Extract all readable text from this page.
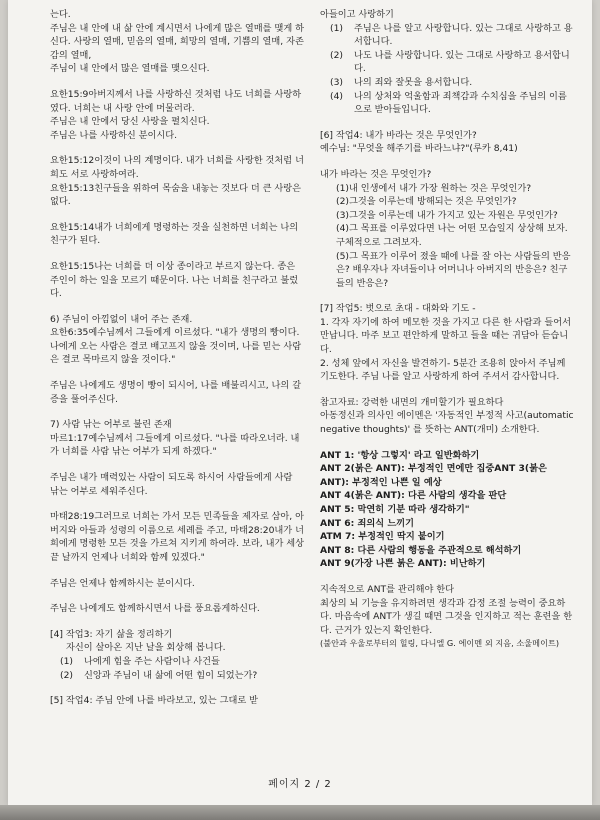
는다.

주님은 내 안에 내 삶 안에 계시면서 나에게 많은 열매를 맺게 하신다. 사랑의 열매, 믿음의 열매, 희망의 열매, 기쁨의 열매, 자존감의 열매,

주님이 내 안에서 많은 열매를 맺으신다.

요한15:9아버지께서 나를 사랑하신 것처럼 나도 너희를 사랑하였다. 너희는 내 사랑 안에 머물러라.

주님은 내 안에서 당신 사랑을 펼치신다.

주님은 나를 사랑하신 분이시다.

요한15:12이것이 나의 계명이다. 내가 너희를 사랑한 것처럼 너희도 서로 사랑하여라.

요한15:13친구들을 위하여 목숨을 내놓는 것보다 더 큰 사랑은 없다.

요한15:14내가 너희에게 명령하는 것을 실천하면 너희는 나의 친구가 된다.

요한15:15나는 너희를 더 이상 종이라고 부르지 않는다. 종은 주인이 하는 일을 모르기 때문이다. 나는 너희를 친구라고 불렀다.

6) 주님이 아낌없이 내어 주는 존재.

요한6:35예수님께서 그들에게 이르셨다. "내가 생명의 빵이다. 나에게 오는 사람은 결코 배고프지 않을 것이며, 나를 믿는 사람은 결코 목마르지 않을 것이다."

주님은 나에게도 생명이 빵이 되시어, 나를 배불리시고, 나의 갈증을 풀어주신다.

7) 사람 낚는 어부로 불린 존재

마르1:17예수님께서 그들에게 이르셨다. "나를 따라오너라. 내가 너희를 사람 낚는 어부가 되게 하겠다."

주님은 내가 매력있는 사람이 되도록 하시어 사람들에게 사람 낚는 어부로 세워주신다.

마태28:19그러므로 너희는 가서 모든 민족들을 제자로 삼아, 아버지와 아들과 성령의 이름으로 세례를 주고, 마태28:20내가 너희에게 명령한 모든 것을 가르쳐 지키게 하여라. 보라, 내가 세상 끝 날까지 언제나 너희와 함께 있겠다."

주님은 언제나 함께하시는 분이시다.

주님은 나에게도 함께하시면서 나를 풍요롭게하신다.

[4] 작업3: 자기 삶을 정리하기

자신이 살아온 지난 날을 회상해 봅니다.

(1)	나에게 힘을 주는 사람이나 사건들
(2)	신앙과 주님이 내 삶에 어떤 힘이 되었는가?

[5] 작업4: 주님 안에 나를 바라보고, 있는 그대로 받

아들이고 사랑하기

(1)	주님은 나를 알고 사랑합니다. 있는 그대로 사랑하고 용서합니다.
(2)	나도 나를 사랑합니다. 있는 그대로 사랑하고 용서합니다.
(3)	나의 죄와 잘못을 용서합니다.
(4)	나의 상처와 억울함과 죄책감과 수치심을 주님의 이름으로 받아들입니다.

[6] 작업4: 내가 바라는 것은 무엇인가?

예수님: "무엇을 해주기를 바라느냐?"(루카 8,41)

내가 바라는 것은 무엇인가?

(1)내 인생에서 내가 가장 원하는 것은 무엇인가?

(2)그것을 이루는데 방해되는 것은 무엇인가?

(3)그것을 이루는데 내가 가지고 있는 자원은 무엇인가?

(4)그 목표를 이루었다면 나는 어떤 모습일지 상상해 보자. 구체적으로 그려보자.

(5)그 목표가 이루어 졌을 때에 나를 잘 아는 사람들의 반응은? 배우자나 자녀들이나 어머니나 아버지의 반응은? 친구들의 반응은?

[7] 작업5: 벗으로 초대 - 대화와 기도 -

1. 각자 자기에 하여 메모한 것을 가지고 다른 한 사람과 들어서 만납니다. 마주 보고 편안하게 말하고 들을 때는 귀담아 듣습니다.

2. 성체 앞에서 자신을 발견하기- 5분간 조용히 앉아서 주님께 기도한다. 주님 나를 알고 사랑하게 하여 주셔서 감사합니다.

참고자료: 강력한 내면의 개미할기가 필요하다

아동정신과 의사인 에이멘은 '자동적인 부정적 사고(automatic negative thoughts)' 를 뜻하는 ANT(개미) 소개한다.

ANT 1: '항상 그렇지' 라고 일반화하기

ANT 2(붉은 ANT): 부정적인 면에만 집중ANT 3(붉은 ANT): 부정적인 나쁜 일 예상

ANT 4(붉은 ANT): 다른 사람의 생각을 판단

ANT 5: 막연히 기분 따라 생각하기"

ANT 6: 죄의식 느끼기

ATM 7: 부정적인 딱지 붙이기

ANT 8: 다른 사람의 행동을 주관적으로 해석하기

ANT 9(가장 나쁜 붉은 ANT): 비난하기

지속적으로 ANT를 관리해야 한다

최상의 뇌 기능을 유지하려면 생각과 감정 조절 능력이 중요하다. 마음속에 ANT가 생길 때면 그것을 인지하고 적는 훈련을 한다. 근거가 있는지 확인한다.

(불안과 우울로부터의 힐링, 다니엘 G. 에이멘 외 지음, 소울메이트)

페이지 2 / 2
